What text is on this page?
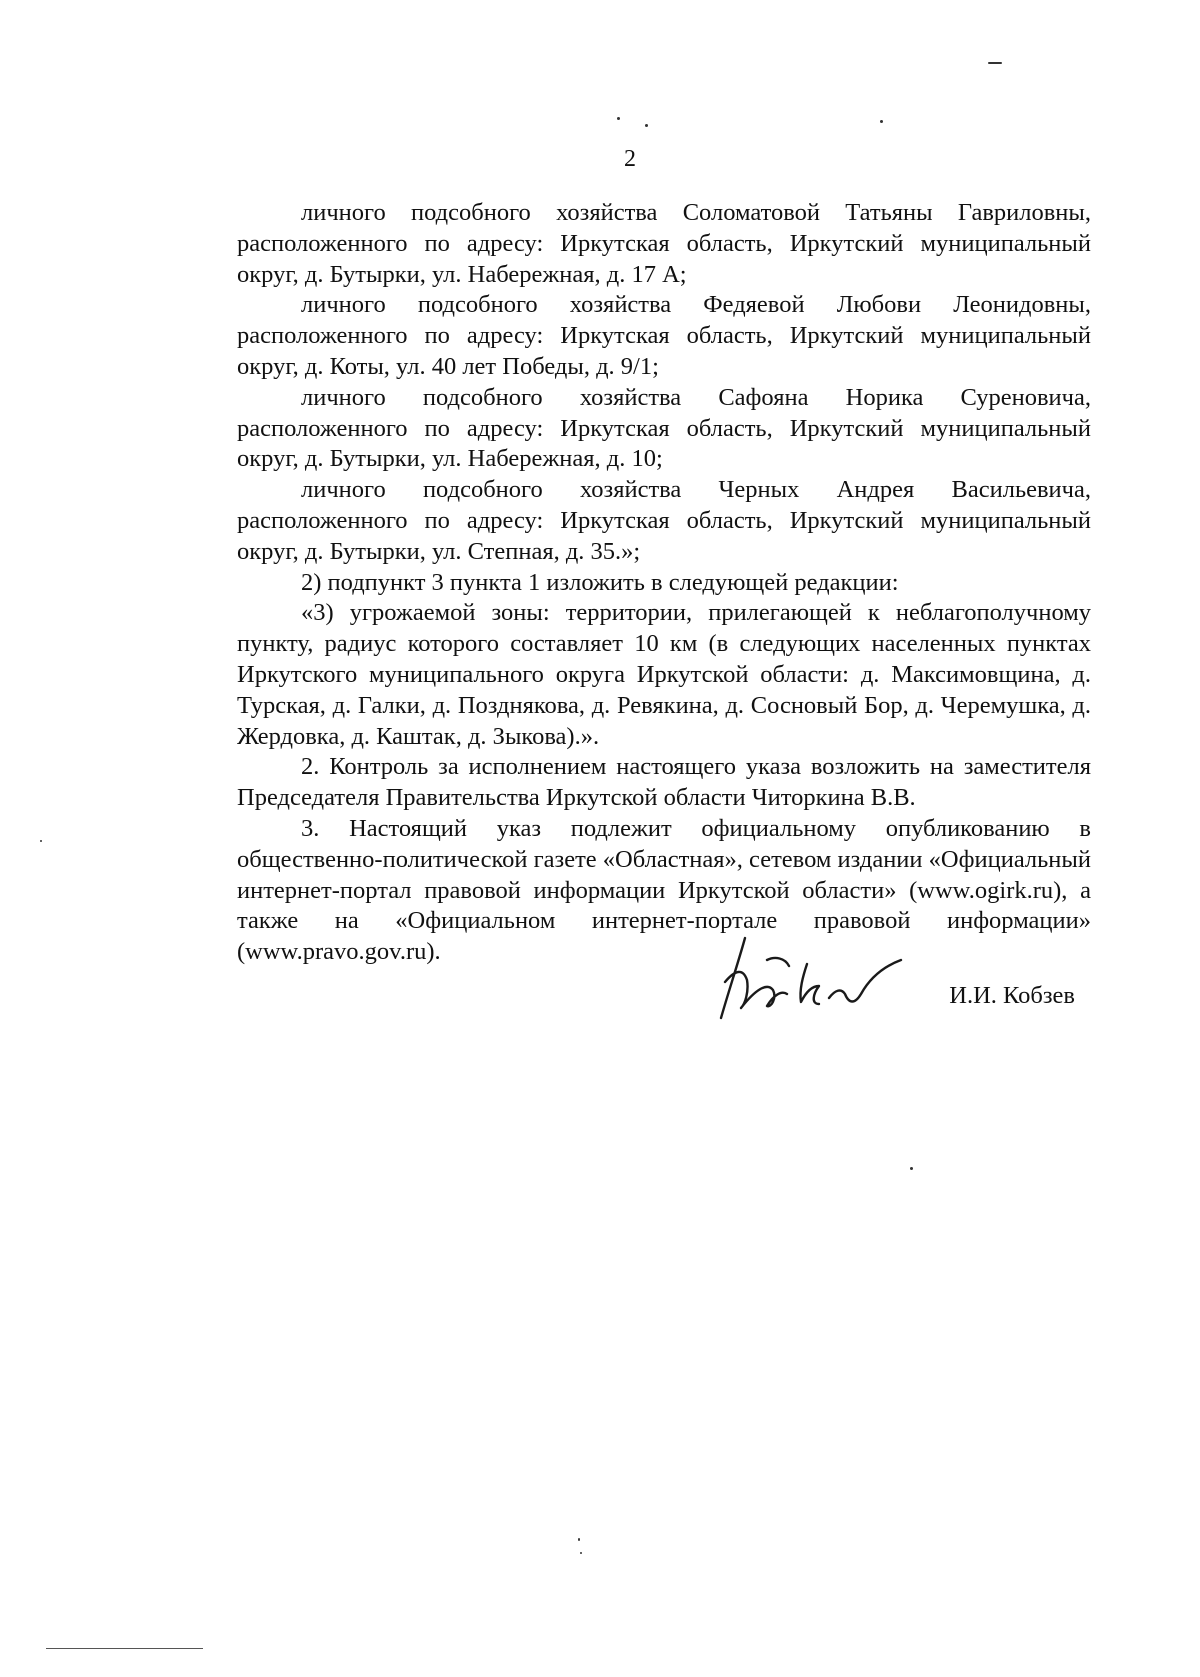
2

личного подсобного хозяйства Соломатовой Татьяны Гавриловны, расположенного по адресу: Иркутская область, Иркутский муниципальный округ, д. Бутырки, ул. Набережная, д. 17 А;

личного подсобного хозяйства Федяевой Любови Леонидовны, расположенного по адресу: Иркутская область, Иркутский муниципальный округ, д. Коты, ул. 40 лет Победы, д. 9/1;

личного подсобного хозяйства Сафояна Норика Суреновича, расположенного по адресу: Иркутская область, Иркутский муниципальный округ, д. Бутырки, ул. Набережная, д. 10;

личного подсобного хозяйства Черных Андрея Васильевича, расположенного по адресу: Иркутская область, Иркутский муниципальный округ, д. Бутырки, ул. Степная, д. 35.»;

2) подпункт 3 пункта 1 изложить в следующей редакции:

«3) угрожаемой зоны: территории, прилегающей к неблагополучному пункту, радиус которого составляет 10 км (в следующих населенных пунктах Иркутского муниципального округа Иркутской области: д. Максимовщина, д. Турская, д. Галки, д. Позднякова, д. Ревякина, д. Сосновый Бор, д. Черемушка, д. Жердовка, д. Каштак, д. Зыкова).».

2. Контроль за исполнением настоящего указа возложить на заместителя Председателя Правительства Иркутской области Читоркина В.В.

3. Настоящий указ подлежит официальному опубликованию в общественно-политической газете «Областная», сетевом издании «Официальный интернет-портал правовой информации Иркутской области» (www.ogirk.ru), а также на «Официальном интернет-портале правовой информации» (www.pravo.gov.ru).

И.И. Кобзев
